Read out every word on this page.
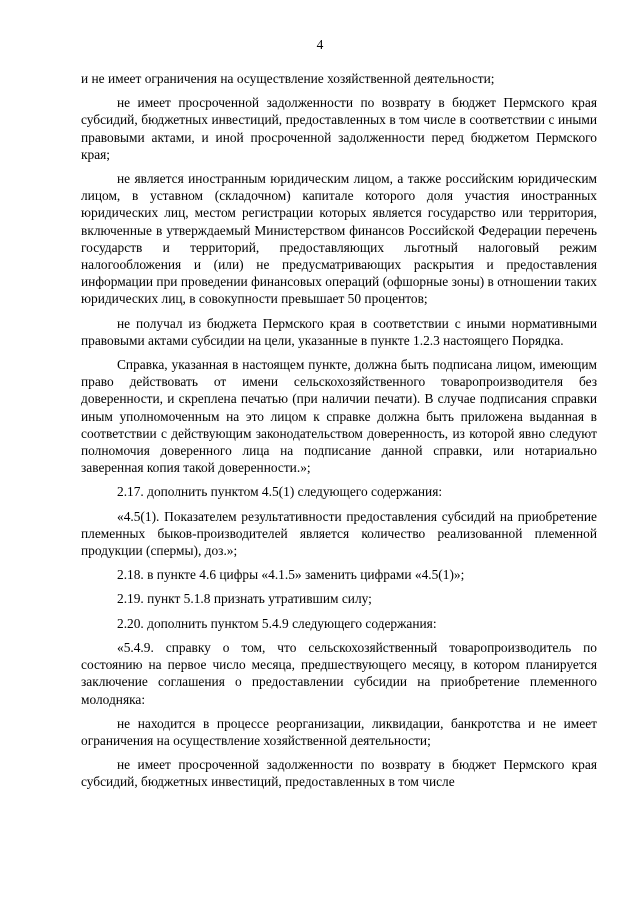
4

и не имеет ограничения на осуществление хозяйственной деятельности;

не имеет просроченной задолженности по возврату в бюджет Пермского края субсидий, бюджетных инвестиций, предоставленных в том числе в соответствии с иными правовыми актами, и иной просроченной задолженности перед бюджетом Пермского края;

не является иностранным юридическим лицом, а также российским юридическим лицом, в уставном (складочном) капитале которого доля участия иностранных юридических лиц, местом регистрации которых является государство или территория, включенные в утверждаемый Министерством финансов Российской Федерации перечень государств и территорий, предоставляющих льготный налоговый режим налогообложения и (или) не предусматривающих раскрытия и предоставления информации при проведении финансовых операций (офшорные зоны) в отношении таких юридических лиц, в совокупности превышает 50 процентов;

не получал из бюджета Пермского края в соответствии с иными нормативными правовыми актами субсидии на цели, указанные в пункте 1.2.3 настоящего Порядка.

Справка, указанная в настоящем пункте, должна быть подписана лицом, имеющим право действовать от имени сельскохозяйственного товаропроизводителя без доверенности, и скреплена печатью (при наличии печати). В случае подписания справки иным уполномоченным на это лицом к справке должна быть приложена выданная в соответствии с действующим законодательством доверенность, из которой явно следуют полномочия доверенного лица на подписание данной справки, или нотариально заверенная копия такой доверенности.»;

2.17. дополнить пунктом 4.5(1) следующего содержания:

«4.5(1). Показателем результативности предоставления субсидий на приобретение племенных быков-производителей является количество реализованной племенной продукции (спермы), доз.»;

2.18. в пункте 4.6 цифры «4.1.5» заменить цифрами «4.5(1)»;

2.19. пункт 5.1.8 признать утратившим силу;

2.20. дополнить пунктом 5.4.9 следующего содержания:

«5.4.9. справку о том, что сельскохозяйственный товаропроизводитель по состоянию на первое число месяца, предшествующего месяцу, в котором планируется заключение соглашения о предоставлении субсидии на приобретение племенного молодняка:

не находится в процессе реорганизации, ликвидации, банкротства и не имеет ограничения на осуществление хозяйственной деятельности;

не имеет просроченной задолженности по возврату в бюджет Пермского края субсидий, бюджетных инвестиций, предоставленных в том числе
